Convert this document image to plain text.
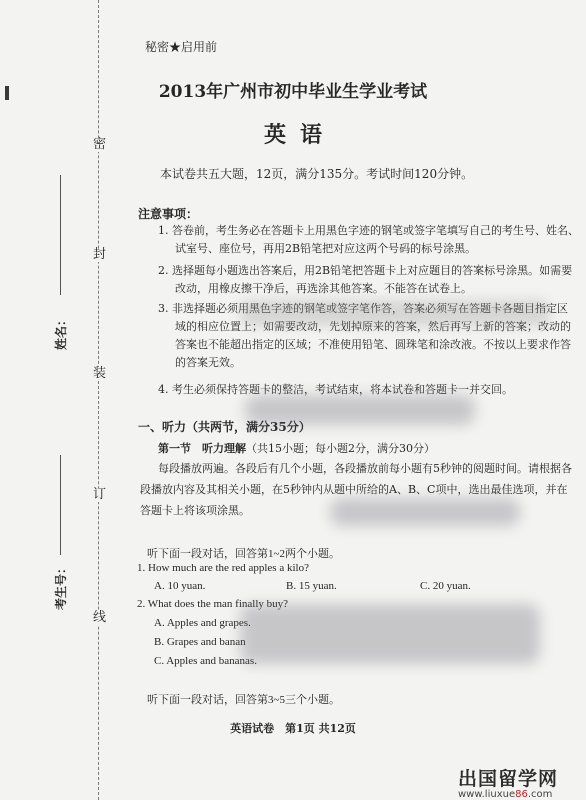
密
封
装
订
线
姓名：
考生号：
秘密★启用前
2013年广州市初中毕业生学业考试
英语
本试卷共五大题，12页，满分135分。考试时间120分钟。
注意事项：
1. 答卷前，考生务必在答题卡上用黑色字迹的钢笔或签字笔填写自己的考生号、姓名、
试室号、座位号，再用2B铅笔把对应这两个号码的标号涂黑。
2. 选择题每小题选出答案后，用2B铅笔把答题卡上对应题目的答案标号涂黑。如需要
改动，用橡皮擦干净后，再选涂其他答案。不能答在试卷上。
3. 非选择题必须用黑色字迹的钢笔或签字笔作答，答案必须写在答题卡各题目指定区
域的相应位置上；如需要改动，先划掉原来的答案，然后再写上新的答案；改动的
答案也不能超出指定的区域；不准使用铅笔、圆珠笔和涂改液。不按以上要求作答
的答案无效。
4. 考生必须保持答题卡的整洁，考试结束，将本试卷和答题卡一并交回。
一、听力（共两节，满分35分）
第一节　听力理解（共15小题；每小题2分，满分30分）
每段播放两遍。各段后有几个小题，各段播放前每小题有5秒钟的阅题时间。请根据各
段播放内容及其相关小题，在5秒钟内从题中所给的A、B、C项中，选出最佳选项，并在
答题卡上将该项涂黑。
听下面一段对话，回答第1~2两个小题。
1. How much are the red apples a kilo?
A. 10 yuan.	B. 15 yuan.	C. 20 yuan.
2. What does the man finally buy?
A. Apples and grapes.
B. Grapes and banan
C. Apples and bananas.
听下面一段对话，回答第3~5三个小题。
英语试卷　第1页 共12页
出国留学网
www.liuxue86.com
